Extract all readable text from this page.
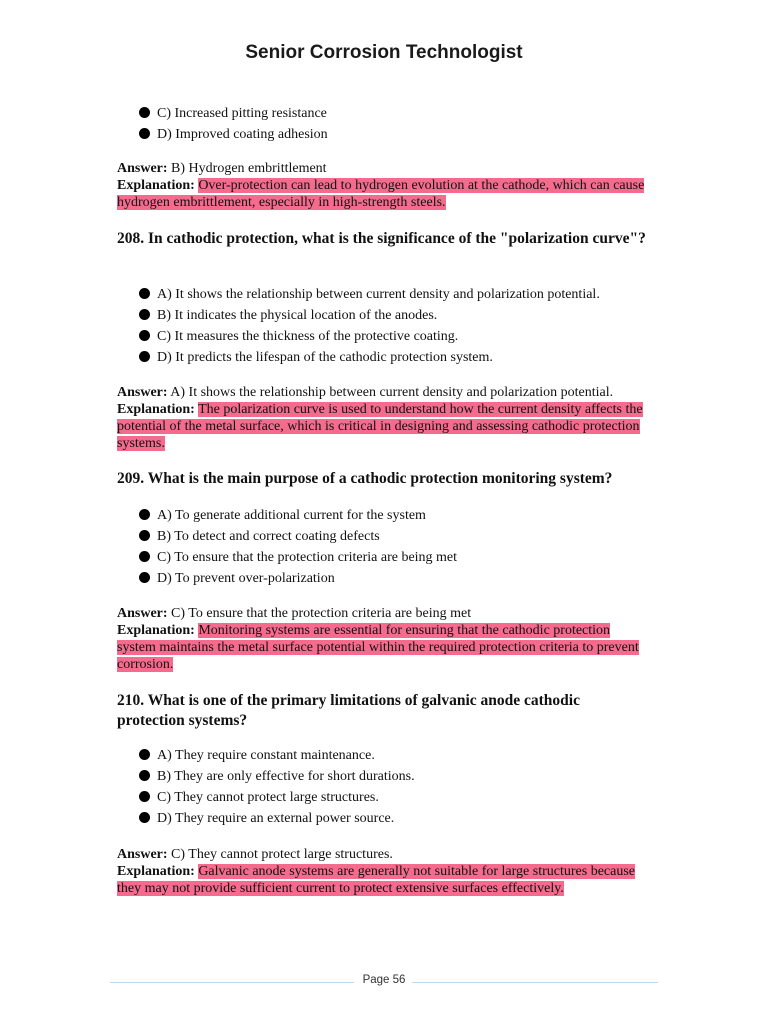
Senior Corrosion Technologist
C) Increased pitting resistance
D) Improved coating adhesion
Answer: B) Hydrogen embrittlement
Explanation: Over-protection can lead to hydrogen evolution at the cathode, which can cause hydrogen embrittlement, especially in high-strength steels.
208. In cathodic protection, what is the significance of the "polarization curve"?
A) It shows the relationship between current density and polarization potential.
B) It indicates the physical location of the anodes.
C) It measures the thickness of the protective coating.
D) It predicts the lifespan of the cathodic protection system.
Answer: A) It shows the relationship between current density and polarization potential.
Explanation: The polarization curve is used to understand how the current density affects the potential of the metal surface, which is critical in designing and assessing cathodic protection systems.
209. What is the main purpose of a cathodic protection monitoring system?
A) To generate additional current for the system
B) To detect and correct coating defects
C) To ensure that the protection criteria are being met
D) To prevent over-polarization
Answer: C) To ensure that the protection criteria are being met
Explanation: Monitoring systems are essential for ensuring that the cathodic protection system maintains the metal surface potential within the required protection criteria to prevent corrosion.
210. What is one of the primary limitations of galvanic anode cathodic protection systems?
A) They require constant maintenance.
B) They are only effective for short durations.
C) They cannot protect large structures.
D) They require an external power source.
Answer: C) They cannot protect large structures.
Explanation: Galvanic anode systems are generally not suitable for large structures because they may not provide sufficient current to protect extensive surfaces effectively.
Page 56
